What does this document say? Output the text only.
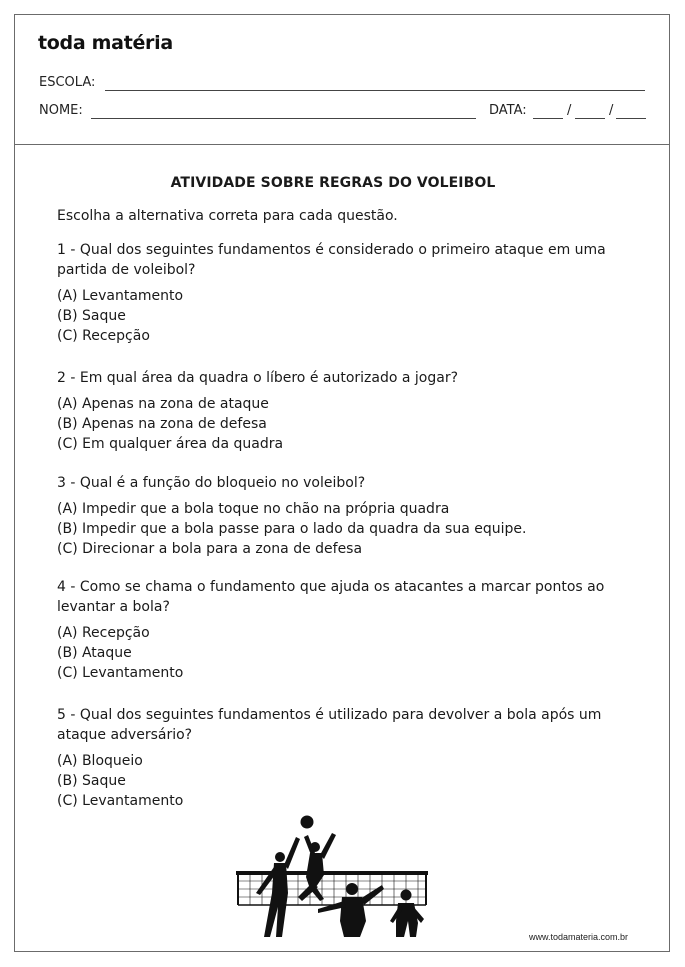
toda matéria
ESCOLA:
NOME:	DATA:	/	/
ATIVIDADE SOBRE REGRAS DO VOLEIBOL
Escolha a alternativa correta para cada questão.

1 - Qual dos seguintes fundamentos é considerado o primeiro ataque em uma partida de voleibol?

(A) Levantamento

(B) Saque

(C) Recepção

2 - Em qual área da quadra o líbero é autorizado a jogar?

(A) Apenas na zona de ataque

(B) Apenas na zona de defesa

(C) Em qualquer área da quadra

3 - Qual é a função do bloqueio no voleibol?

(A) Impedir que a bola toque no chão na própria quadra

(B) Impedir que a bola passe para o lado da quadra da sua equipe.

(C) Direcionar a bola para a zona de defesa

4 - Como se chama o fundamento que ajuda os atacantes a marcar pontos ao levantar a bola?

(A) Recepção

(B) Ataque

(C) Levantamento

5 - Qual dos seguintes fundamentos é utilizado para devolver a bola após um ataque adversário?

(A) Bloqueio

(B) Saque

(C) Levantamento

www.todamateria.com.br
